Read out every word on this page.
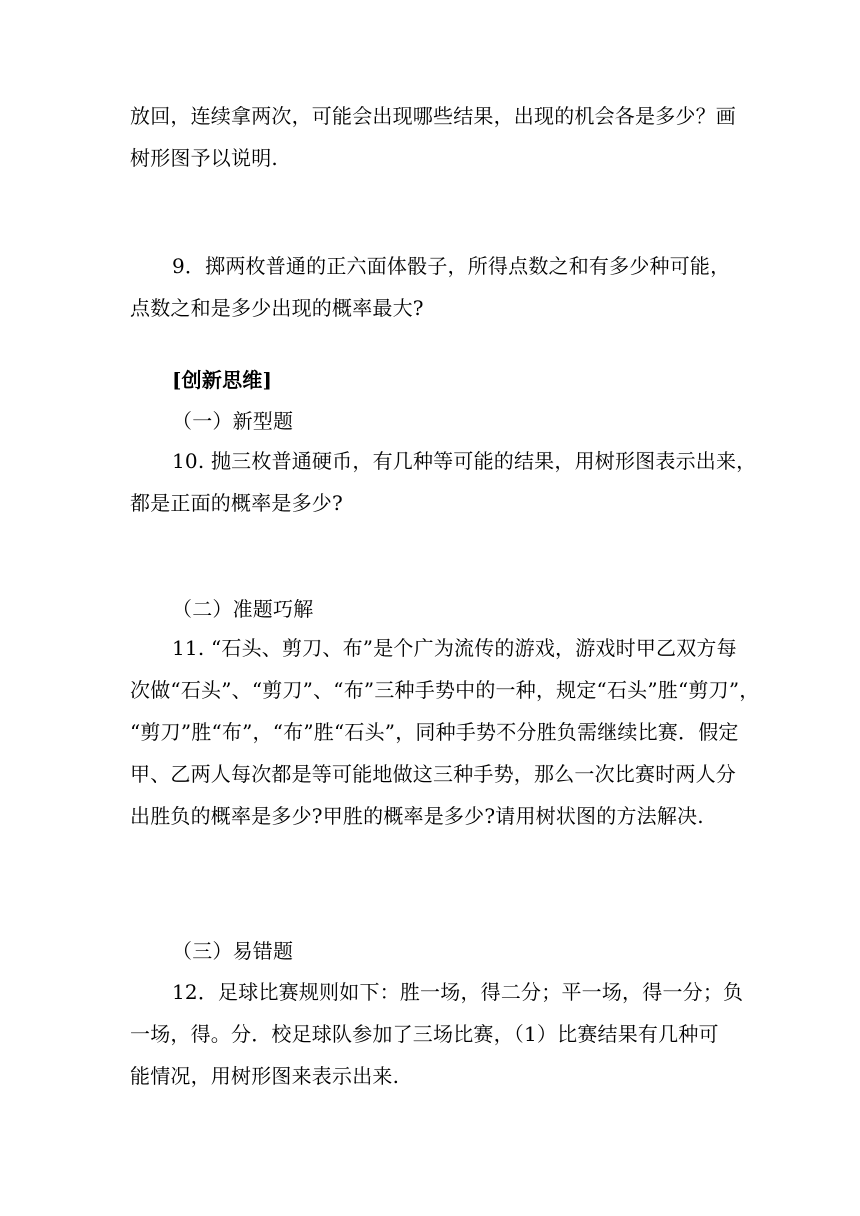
放回，连续拿两次，可能会出现哪些结果，出现的机会各是多少？画
树形图予以说明.
9．掷两枚普通的正六面体骰子，所得点数之和有多少种可能，
点数之和是多少出现的概率最大?
[创新思维]
（一）新型题
10. 抛三枚普通硬币，有几种等可能的结果，用树形图表示出来，
都是正面的概率是多少?
（二）准题巧解
11. “石头、剪刀、布”是个广为流传的游戏，游戏时甲乙双方每
次做“石头”、“剪刀”、“布”三种手势中的一种，规定“石头”胜“剪刀”，
“剪刀”胜“布”，“布”胜“石头”，同种手势不分胜负需继续比赛．假定
甲、乙两人每次都是等可能地做这三种手势，那么一次比赛时两人分
出胜负的概率是多少?甲胜的概率是多少?请用树状图的方法解决.
（三）易错题
12．足球比赛规则如下：胜一场，得二分；平一场，得一分；负
一场，得。分．校足球队参加了三场比赛，（1）比赛结果有几种可
能情况，用树形图来表示出来.
